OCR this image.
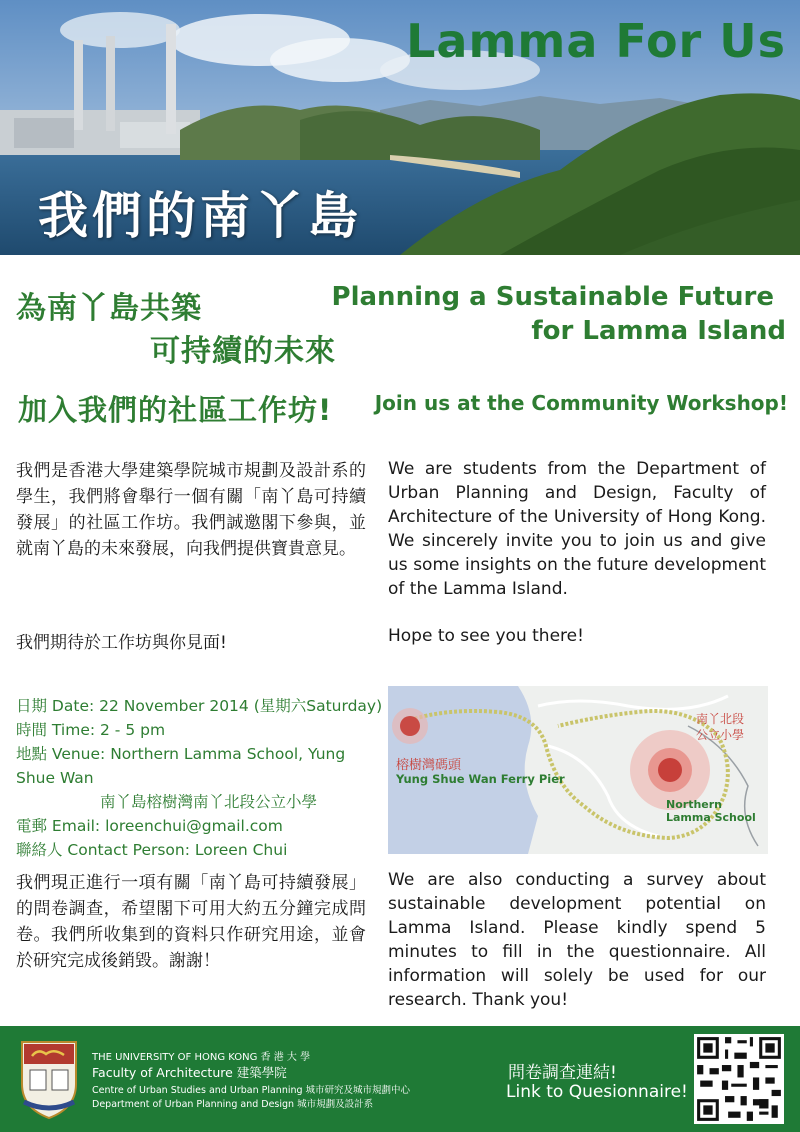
Lamma For Us
我們的南丫島
為南丫島共築
可持續的未來
Planning a Sustainable Future
for Lamma Island
加入我們的社區工作坊! Join us at the Community Workshop!
我們是香港大學建築學院城市規劃及設計系的學生，我們將會舉行一個有關「南丫島可持續發展」的社區工作坊。我們誠邀閣下參與，並就南丫島的未來發展，向我們提供寶貴意見。
We are students from the Department of Urban Planning and Design, Faculty of Architecture of the University of Hong Kong. We sincerely invite you to join us and give us some insights on the future development of the Lamma Island.
我們期待於工作坊與你見面!	Hope to see you there!
日期 Date: 22 November 2014 (星期六Saturday)
時間 Time: 2 - 5 pm
地點 Venue: Northern Lamma School, Yung Shue Wan
南丫島榕樹灣南丫北段公立小學
電郵 Email: loreenchui@gmail.com
聯絡人 Contact Person: Loreen Chui
榕樹灣碼頭
Yung Shue Wan Ferry Pier
南丫北段
公立小學
Northern Lamma School
我們現正進行一項有關「南丫島可持續發展」的問卷調查，希望閣下可用大約五分鐘完成問卷。我們所收集到的資料只作研究用途，並會於研究完成後銷毀。謝謝！
We are also conducting a survey about sustainable development potential on Lamma Island. Please kindly spend 5 minutes to fill in the questionnaire. All information will solely be used for our research. Thank you!
THE UNIVERSITY OF HONG KONG 香 港 大 學
Faculty of Architecture 建築學院
Centre of Urban Studies and Urban Planning 城市研究及城市規劃中心
Department of Urban Planning and Design 城市規劃及設計系
問卷調查連結!
Link to Quesionnaire!
